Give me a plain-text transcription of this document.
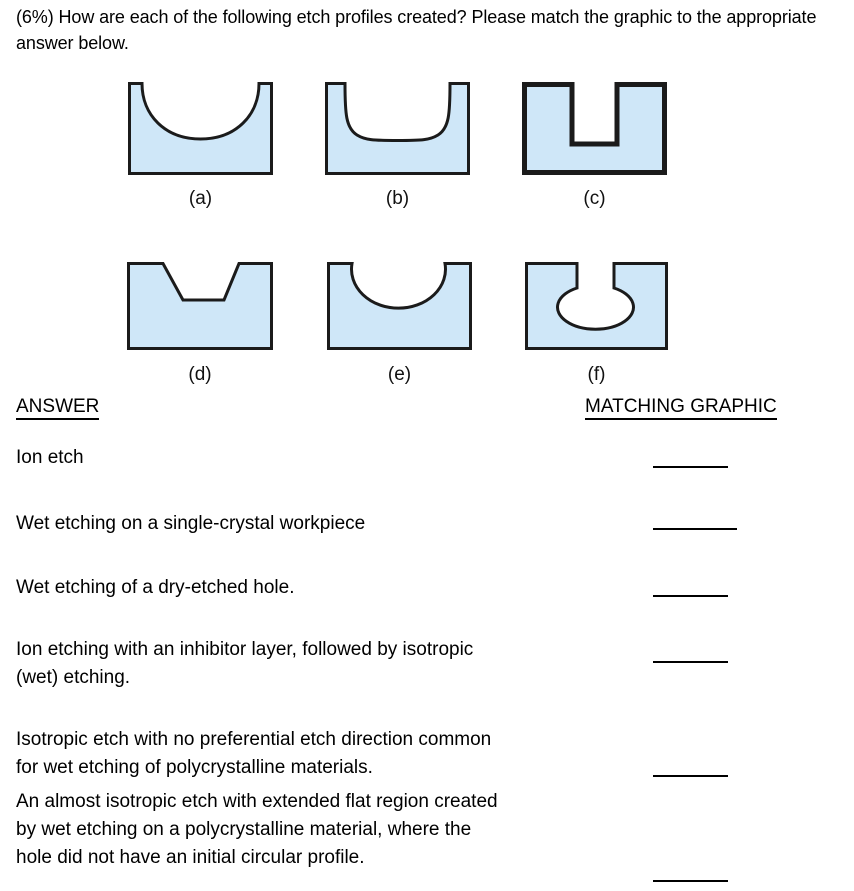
(6%) How are each of the following etch profiles created? Please match the graphic to the appropriate answer below.

(a)	(b)	(c)
(d)	(e)	(f)
ANSWER	MATCHING GRAPHIC
Ion etch
Wet etching on a single-crystal workpiece
Wet etching of a dry-etched hole.
Ion etching with an inhibitor layer, followed by isotropic
(wet) etching.
Isotropic etch with no preferential etch direction common
for wet etching of polycrystalline materials.
An almost isotropic etch with extended flat region created
by wet etching on a polycrystalline material, where the
hole did not have an initial circular profile.
